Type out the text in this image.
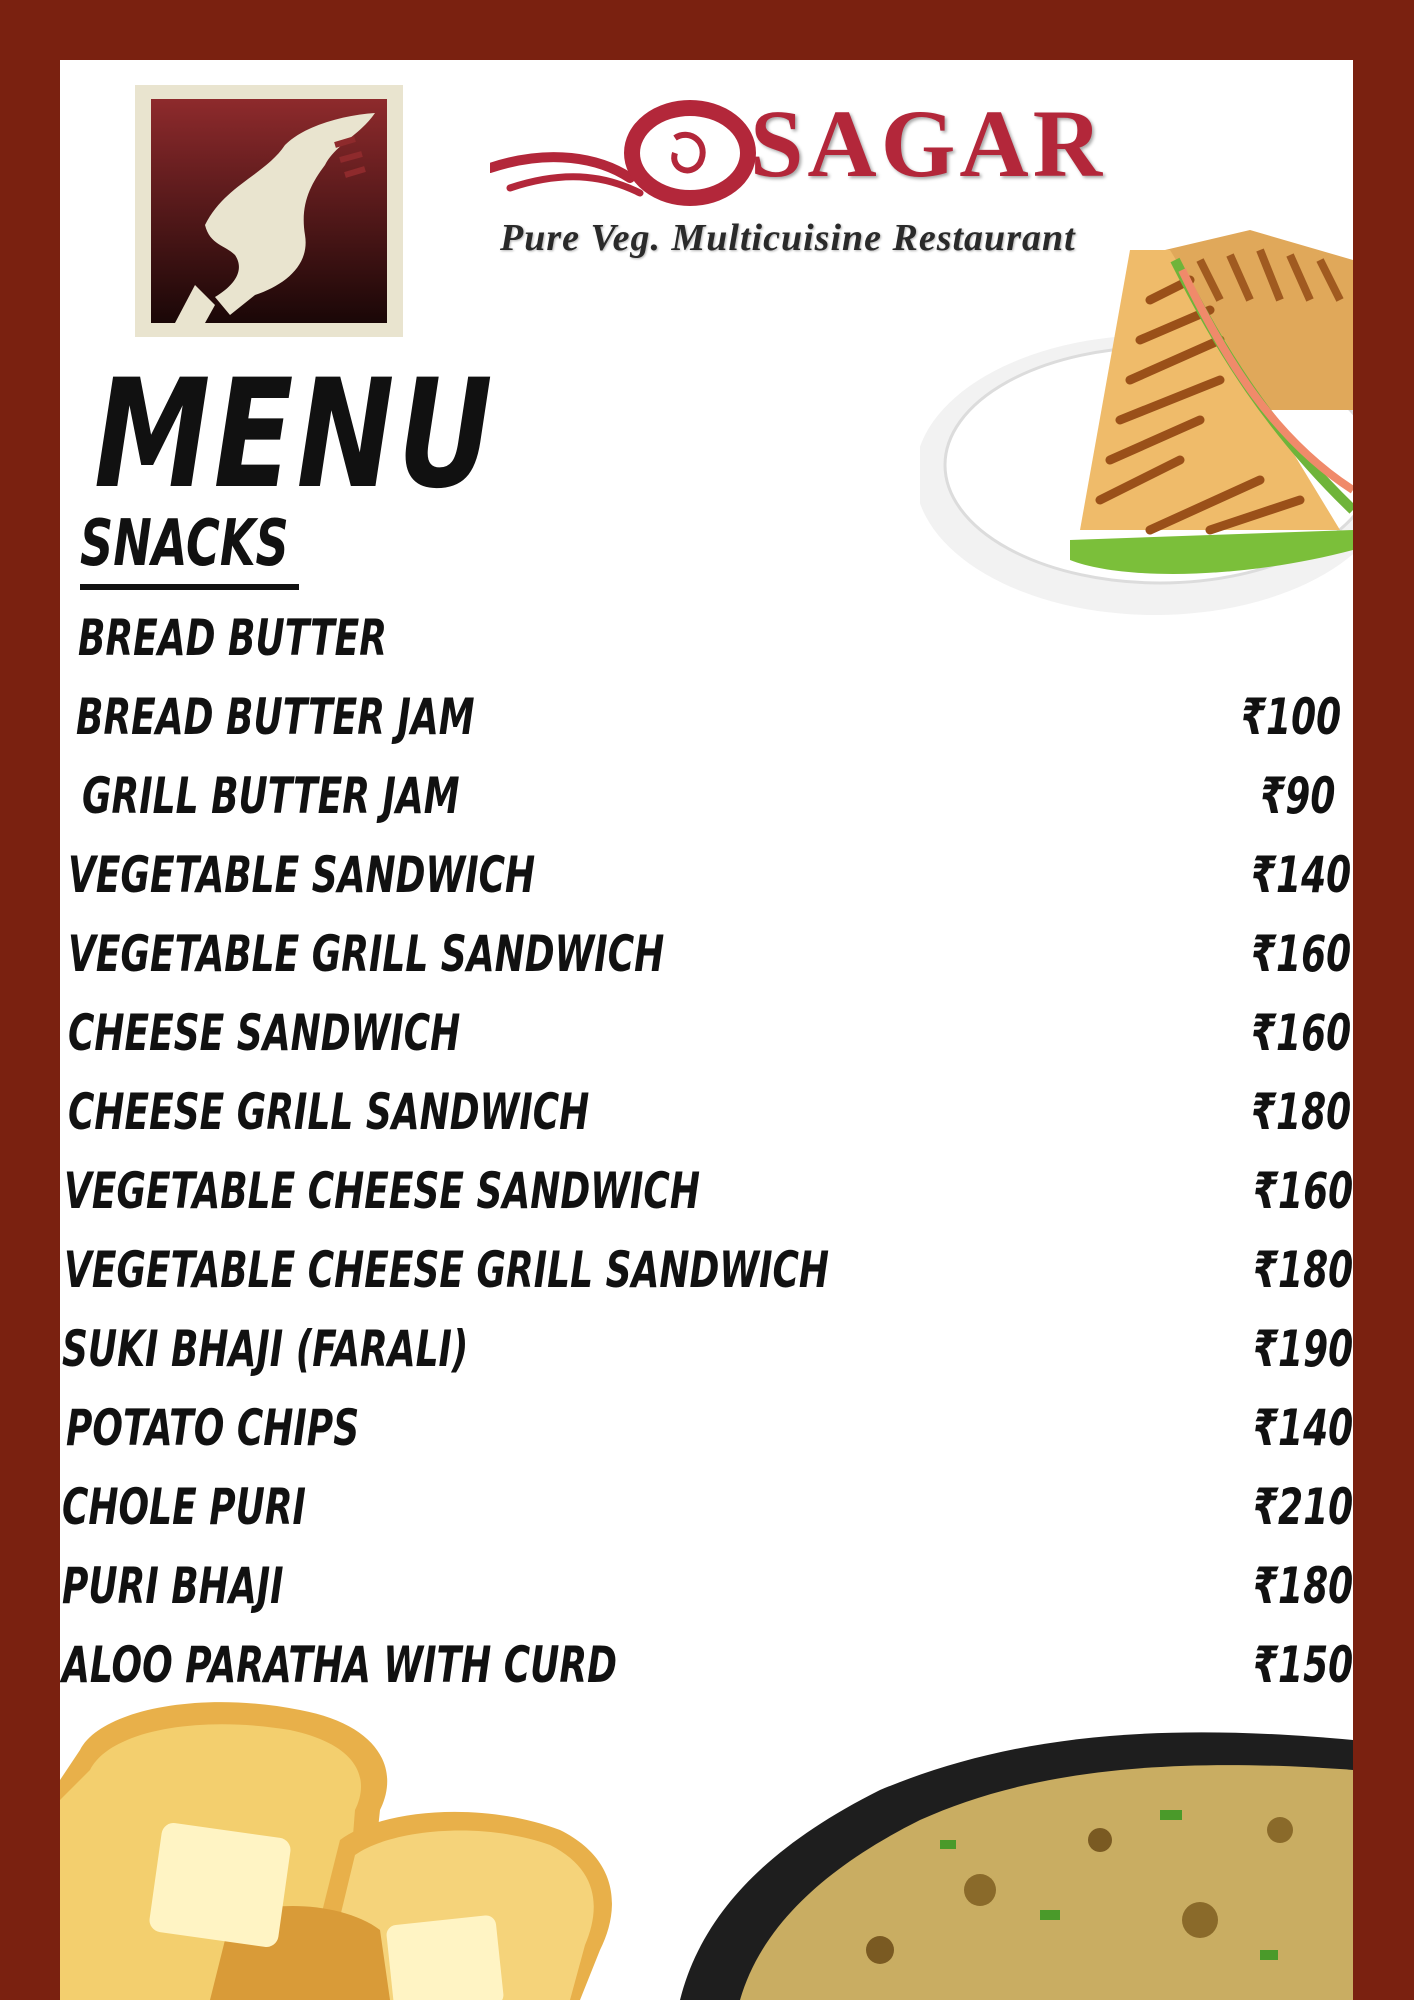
SAGAR
Pure Veg. Multicuisine Restaurant
MENU
SNACKS
BREAD BUTTER
BREAD BUTTER JAM	₹100
GRILL BUTTER JAM	₹90
VEGETABLE SANDWICH	₹140
VEGETABLE GRILL SANDWICH	₹160
CHEESE SANDWICH	₹160
CHEESE GRILL SANDWICH	₹180
VEGETABLE CHEESE SANDWICH	₹160
VEGETABLE CHEESE GRILL SANDWICH	₹180
SUKI BHAJI (FARALI)	₹190
POTATO CHIPS	₹140
CHOLE PURI	₹210
PURI BHAJI	₹180
ALOO PARATHA WITH CURD	₹150
